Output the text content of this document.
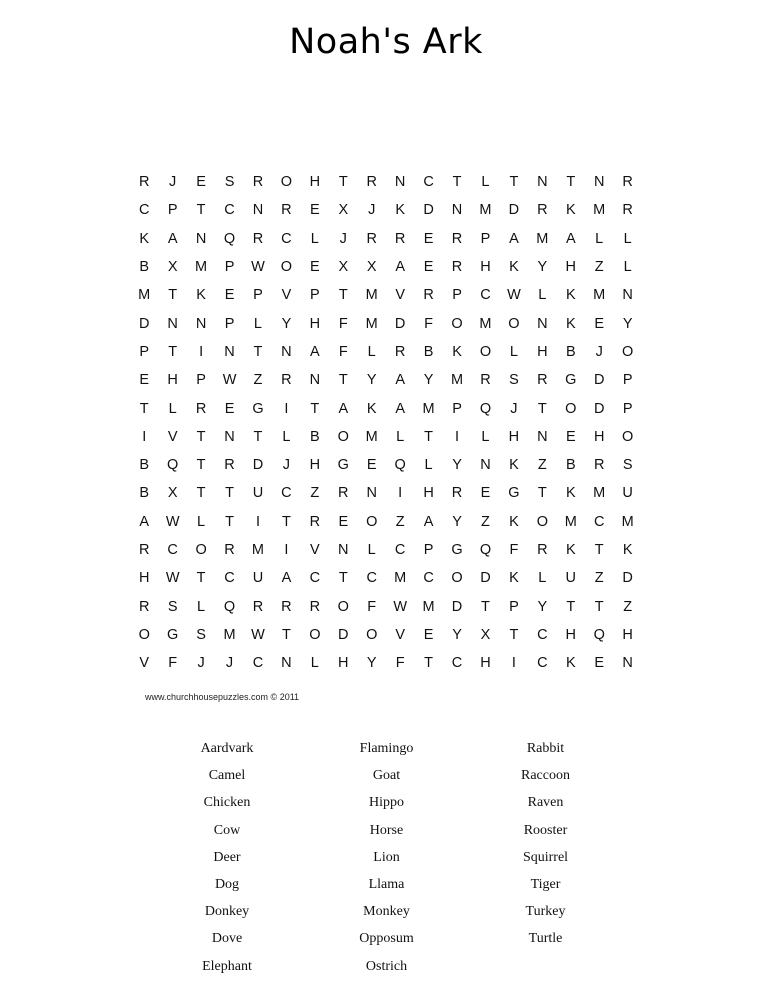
Noah's Ark
R	J	E	S	R	O	H	T	R	N	C	T	L	T	N	T	N	R
C	P	T	C	N	R	E	X	J	K	D	N	M	D	R	K	M	R
K	A	N	Q	R	C	L	J	R	R	E	R	P	A	M	A	L	L
B	X	M	P	W	O	E	X	X	A	E	R	H	K	Y	H	Z	L
M	T	K	E	P	V	P	T	M	V	R	P	C	W	L	K	M	N
D	N	N	P	L	Y	H	F	M	D	F	O	M	O	N	K	E	Y
P	T	I	N	T	N	A	F	L	R	B	K	O	L	H	B	J	O
E	H	P	W	Z	R	N	T	Y	A	Y	M	R	S	R	G	D	P
T	L	R	E	G	I	T	A	K	A	M	P	Q	J	T	O	D	P
I	V	T	N	T	L	B	O	M	L	T	I	L	H	N	E	H	O
B	Q	T	R	D	J	H	G	E	Q	L	Y	N	K	Z	B	R	S
B	X	T	T	U	C	Z	R	N	I	H	R	E	G	T	K	M	U
A	W	L	T	I	T	R	E	O	Z	A	Y	Z	K	O	M	C	M
R	C	O	R	M	I	V	N	L	C	P	G	Q	F	R	K	T	K
H	W	T	C	U	A	C	T	C	M	C	O	D	K	L	U	Z	D
R	S	L	Q	R	R	R	O	F	W	M	D	T	P	Y	T	T	Z
O	G	S	M	W	T	O	D	O	V	E	Y	X	T	C	H	Q	H
V	F	J	J	C	N	L	H	Y	F	T	C	H	I	C	K	E	N
www.churchhousepuzzles.com © 2011
Aardvark
Camel
Chicken
Cow
Deer
Dog
Donkey
Dove
Elephant
Flamingo
Goat
Hippo
Horse
Lion
Llama
Monkey
Opposum
Ostrich
Rabbit
Raccoon
Raven
Rooster
Squirrel
Tiger
Turkey
Turtle
